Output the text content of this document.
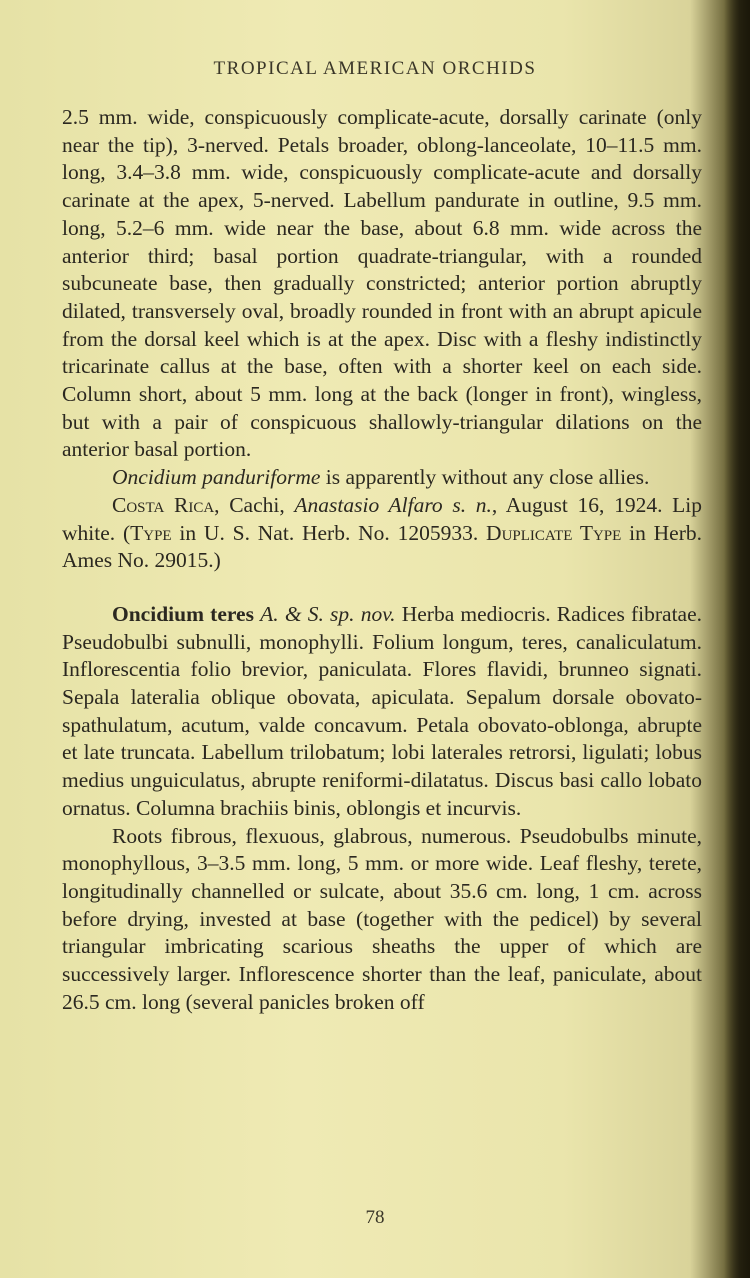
TROPICAL AMERICAN ORCHIDS

2.5 mm. wide, conspicuously complicate-acute, dorsally carinate (only near the tip), 3-nerved. Petals broader, oblong-lanceolate, 10–11.5 mm. long, 3.4–3.8 mm. wide, conspicuously complicate-acute and dorsally carinate at the apex, 5-nerved. Labellum pandurate in outline, 9.5 mm. long, 5.2–6 mm. wide near the base, about 6.8 mm. wide across the anterior third; basal portion quadrate-triangular, with a rounded subcuneate base, then gradually constricted; anterior portion abruptly dilated, transversely oval, broadly rounded in front with an abrupt apicule from the dorsal keel which is at the apex. Disc with a fleshy indistinctly tricarinate callus at the base, often with a shorter keel on each side. Column short, about 5 mm. long at the back (longer in front), wingless, but with a pair of conspicuous shallowly-triangular dilations on the anterior basal portion.

Oncidium panduriforme is apparently without any close allies.

Costa Rica, Cachi, Anastasio Alfaro s. n., August 16, 1924. Lip white. (Type in U. S. Nat. Herb. No. 1205933. Duplicate Type in Herb. Ames No. 29015.)

Oncidium teres A. & S. sp. nov. Herba mediocris. Radices fibratae. Pseudobulbi subnulli, monophylli. Folium longum, teres, canaliculatum. Inflorescentia folio brevior, paniculata. Flores flavidi, brunneo signati. Sepala lateralia oblique obovata, apiculata. Sepalum dorsale obovato-spathulatum, acutum, valde concavum. Petala obovato-oblonga, abrupte et late truncata. Labellum trilobatum; lobi laterales retrorsi, ligulati; lobus medius unguiculatus, abrupte reniformi-dilatatus. Discus basi callo lobato ornatus. Columna brachiis binis, oblongis et incurvis.

Roots fibrous, flexuous, glabrous, numerous. Pseudobulbs minute, monophyllous, 3–3.5 mm. long, 5 mm. or more wide. Leaf fleshy, terete, longitudinally channelled or sulcate, about 35.6 cm. long, 1 cm. across before drying, invested at base (together with the pedicel) by several triangular imbricating scarious sheaths the upper of which are successively larger. Inflorescence shorter than the leaf, paniculate, about 26.5 cm. long (several panicles broken off

78
